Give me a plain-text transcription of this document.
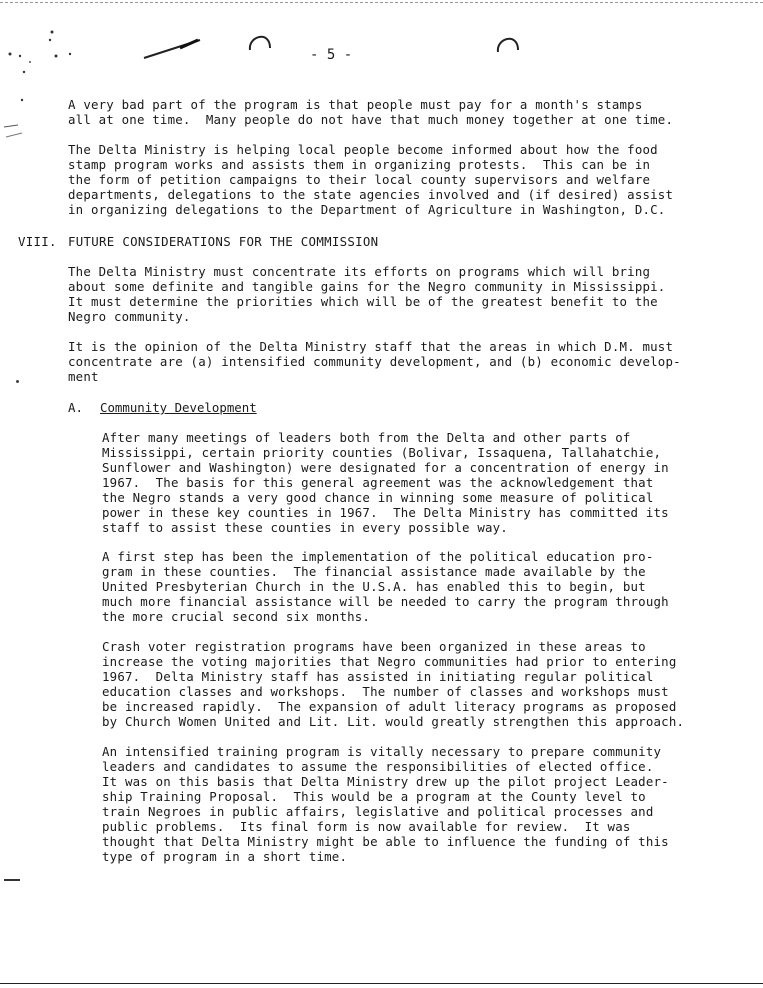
- 5 -
A very bad part of the program is that people must pay for a month's stamps
all at one time.  Many people do not have that much money together at one time.
The Delta Ministry is helping local people become informed about how the food
stamp program works and assists them in organizing protests.  This can be in
the form of petition campaigns to their local county supervisors and welfare
departments, delegations to the state agencies involved and (if desired) assist
in organizing delegations to the Department of Agriculture in Washington, D.C.
VIII. FUTURE CONSIDERATIONS FOR THE COMMISSION
The Delta Ministry must concentrate its efforts on programs which will bring
about some definite and tangible gains for the Negro community in Mississippi.
It must determine the priorities which will be of the greatest benefit to the
Negro community.
It is the opinion of the Delta Ministry staff that the areas in which D.M. must
concentrate are (a) intensified community development, and (b) economic develop-
ment
A. Community Development
After many meetings of leaders both from the Delta and other parts of
Mississippi, certain priority counties (Bolivar, Issaquena, Tallahatchie,
Sunflower and Washington) were designated for a concentration of energy in
1967.  The basis for this general agreement was the acknowledgement that
the Negro stands a very good chance in winning some measure of political
power in these key counties in 1967.  The Delta Ministry has committed its
staff to assist these counties in every possible way.
A first step has been the implementation of the political education pro-
gram in these counties.  The financial assistance made available by the
United Presbyterian Church in the U.S.A. has enabled this to begin, but
much more financial assistance will be needed to carry the program through
the more crucial second six months.
Crash voter registration programs have been organized in these areas to
increase the voting majorities that Negro communities had prior to entering
1967.  Delta Ministry staff has assisted in initiating regular political
education classes and workshops.  The number of classes and workshops must
be increased rapidly.  The expansion of adult literacy programs as proposed
by Church Women United and Lit. Lit. would greatly strengthen this approach.
An intensified training program is vitally necessary to prepare community
leaders and candidates to assume the responsibilities of elected office.
It was on this basis that Delta Ministry drew up the pilot project Leader-
ship Training Proposal.  This would be a program at the County level to
train Negroes in public affairs, legislative and political processes and
public problems.  Its final form is now available for review.  It was
thought that Delta Ministry might be able to influence the funding of this
type of program in a short time.
